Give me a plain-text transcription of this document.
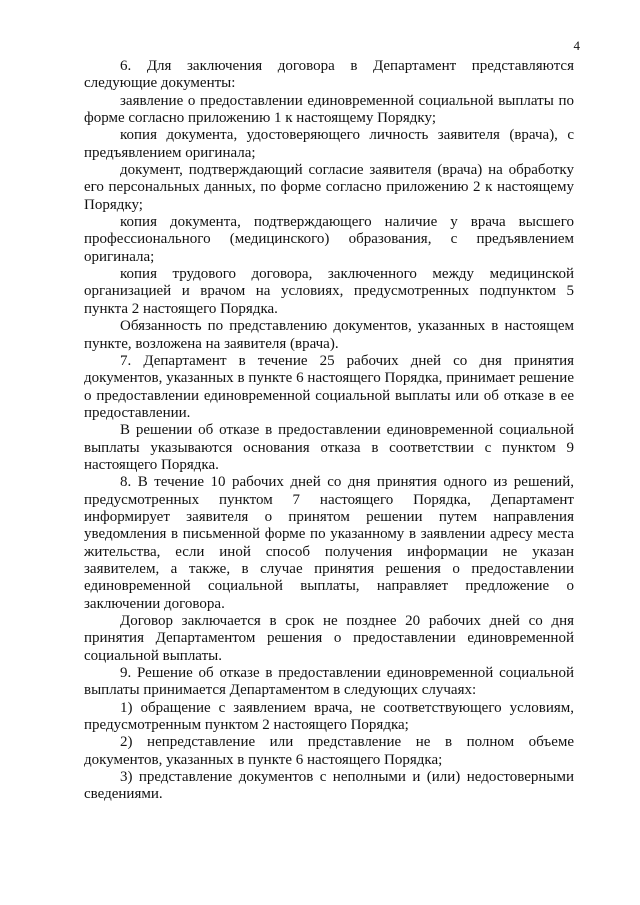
4

6. Для заключения договора в Департамент представляются следующие документы:

заявление о предоставлении единовременной социальной выплаты по форме согласно приложению 1 к настоящему Порядку;

копия документа, удостоверяющего личность заявителя (врача), с предъявлением оригинала;

документ, подтверждающий согласие заявителя (врача) на обработку его персональных данных, по форме согласно приложению 2 к настоящему Порядку;

копия документа, подтверждающего наличие у врача высшего профессионального (медицинского) образования, с предъявлением оригинала;

копия трудового договора, заключенного между медицинской организацией и врачом на условиях, предусмотренных подпунктом 5 пункта 2 настоящего Порядка.

Обязанность по представлению документов, указанных в настоящем пункте, возложена на заявителя (врача).

7. Департамент в течение 25 рабочих дней со дня принятия документов, указанных в пункте 6 настоящего Порядка, принимает решение о предоставлении единовременной социальной выплаты или об отказе в ее предоставлении.

В решении об отказе в предоставлении единовременной социальной выплаты указываются основания отказа в соответствии с пунктом 9 настоящего Порядка.

8. В течение 10 рабочих дней со дня принятия одного из решений, предусмотренных пунктом 7 настоящего Порядка, Департамент информирует заявителя о принятом решении путем направления уведомления в письменной форме по указанному в заявлении адресу места жительства, если иной способ получения информации не указан заявителем, а также, в случае принятия решения о предоставлении единовременной социальной выплаты, направляет предложение о заключении договора.

Договор заключается в срок не позднее 20 рабочих дней со дня принятия Департаментом решения о предоставлении единовременной социальной выплаты.

9. Решение об отказе в предоставлении единовременной социальной выплаты принимается Департаментом в следующих случаях:

1) обращение с заявлением врача, не соответствующего условиям, предусмотренным пунктом 2 настоящего Порядка;

2) непредставление или представление не в полном объеме документов, указанных в пункте 6 настоящего Порядка;

3) представление документов с неполными и (или) недостоверными сведениями.
